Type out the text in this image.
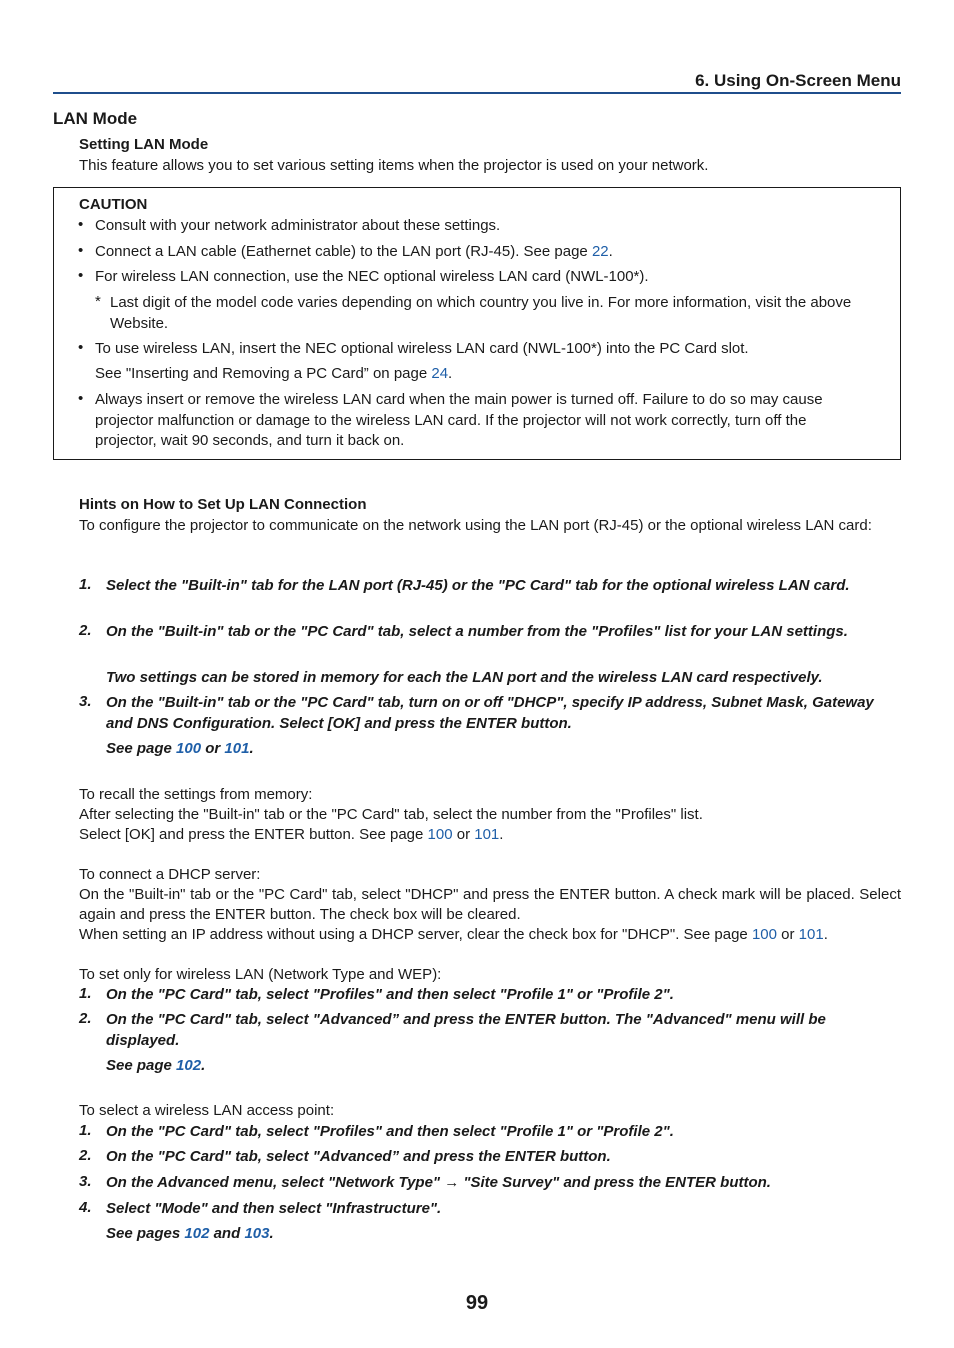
6. Using On-Screen Menu
LAN Mode
Setting LAN Mode
This feature allows you to set various setting items when the projector is used on your network.
CAUTION
• Consult with your network administrator about these settings.
• Connect a LAN cable (Eathernet cable) to the LAN port (RJ-45). See page 22.
• For wireless LAN connection, use the NEC optional wireless LAN card (NWL-100*).
* Last digit of the model code varies depending on which country you live in. For more information, visit the above Website.
• To use wireless LAN, insert the NEC optional wireless LAN card (NWL-100*) into the PC Card slot.
See "Inserting and Removing a PC Card” on page 24.
• Always insert or remove the wireless LAN card when the main power is turned off. Failure to do so may cause projector malfunction or damage to the wireless LAN card. If the projector will not work correctly, turn off the projector, wait 90 seconds, and turn it back on.
Hints on How to Set Up LAN Connection
To configure the projector to communicate on the network using the LAN port (RJ-45) or the optional wireless LAN card:
1. Select the "Built-in" tab for the LAN port (RJ-45) or the "PC Card" tab for the optional wireless LAN card.
2. On the "Built-in" tab or the "PC Card" tab, select a number from the "Profiles" list for your LAN settings.
Two settings can be stored in memory for each the LAN port and the wireless LAN card respectively.
3. On the "Built-in" tab or the "PC Card" tab, turn on or off "DHCP", specify IP address, Subnet Mask, Gateway and DNS Configuration. Select [OK] and press the ENTER button.
See page 100 or 101.
To recall the settings from memory:
After selecting the "Built-in" tab or the "PC Card" tab, select the number from the "Profiles" list.
Select [OK] and press the ENTER button. See page 100 or 101.
To connect a DHCP server:
On the "Built-in" tab or the "PC Card" tab, select "DHCP" and press the ENTER button. A check mark will be placed. Select again and press the ENTER button. The check box will be cleared.
When setting an IP address without using a DHCP server, clear the check box for "DHCP". See page 100 or 101.
To set only for wireless LAN (Network Type and WEP):
1. On the "PC Card" tab, select "Profiles" and then select "Profile 1" or "Profile 2".
2. On the "PC Card" tab, select "Advanced” and press the ENTER button. The "Advanced" menu will be displayed.
See page 102.
To select a wireless LAN access point:
1. On the "PC Card" tab, select "Profiles" and then select "Profile 1" or "Profile 2".
2. On the "PC Card" tab, select "Advanced” and press the ENTER button.
3. On the Advanced menu, select "Network Type" → "Site Survey" and press the ENTER button.
4. Select "Mode" and then select "Infrastructure".
See pages 102 and 103.
99
